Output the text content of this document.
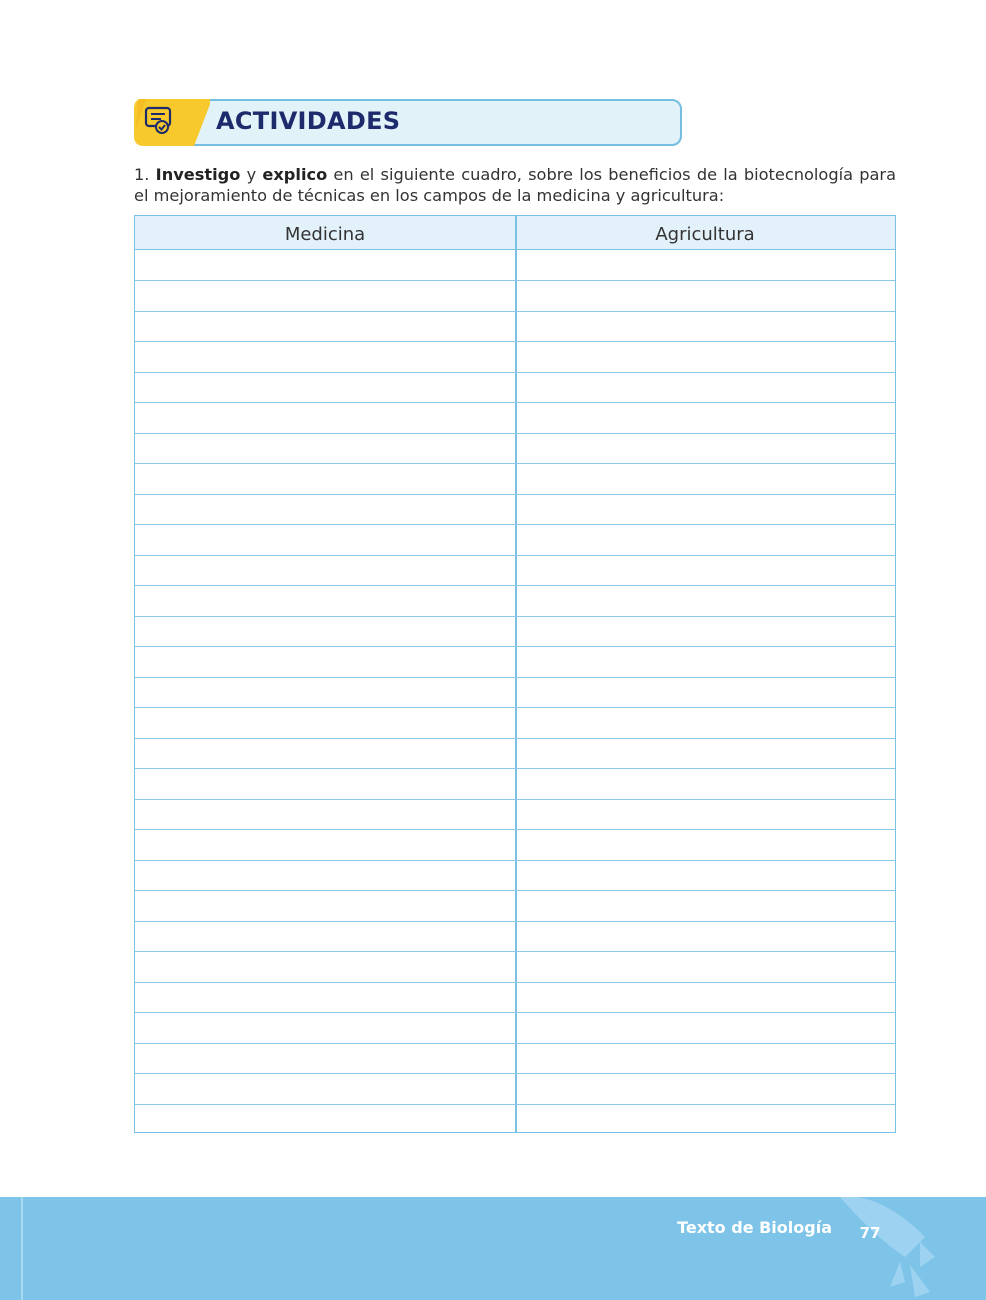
ACTIVIDADES
1. Investigo y explico en el siguiente cuadro, sobre los beneficios de la biotecnología para el mejoramiento de técnicas en los campos de la medicina y agricultura:
Medicina	Agricultura
Texto de Biología	77
